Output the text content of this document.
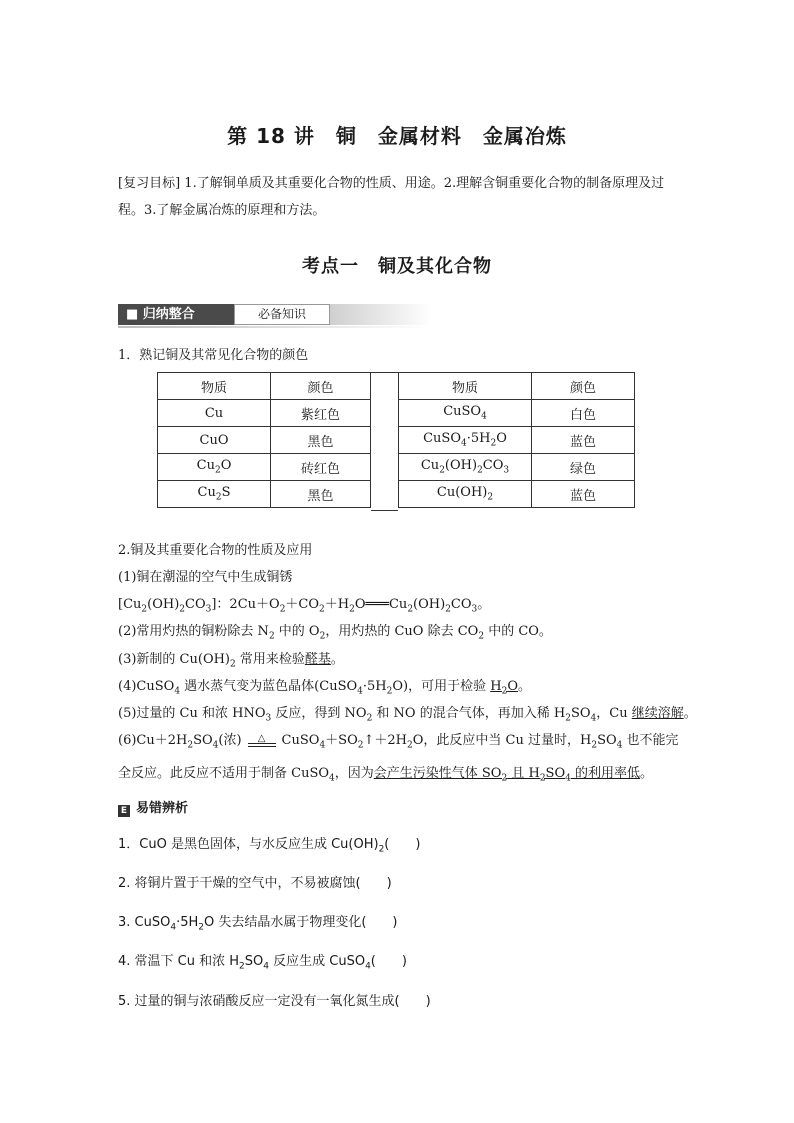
第 18 讲　铜　金属材料　金属冶炼
[复习目标] 1.了解铜单质及其重要化合物的性质、用途。2.理解含铜重要化合物的制备原理及过程。3.了解金属冶炼的原理和方法。
考点一　铜及其化合物
■ 归纳整合	必备知识
1．熟记铜及其常见化合物的颜色
物质	颜色
Cu	紫红色
CuO	黑色
$Cu_2O$	砖红色
$Cu_2S$	黑色
物质	颜色
CuSO$_4$	白色
$CuSO_4\cdot 5H_2O$	蓝色
$Cu_2(OH)_2CO_3$	绿色
$Cu(OH)_2$	蓝色
2.铜及其重要化合物的性质及应用
(1)铜在潮湿的空气中生成铜锈
$[Cu_2(OH)_2CO_3]$：$2Cu+O_2+CO_2+H_2O═══Cu_2(OH)_2CO_3$。
(2)常用灼热的铜粉除去 $N_2$ 中的 $O_2$，用灼热的 CuO 除去 $CO_2$ 中的 CO。
(3)新制的 $Cu(OH)_2$ 常用来检验醛基。
(4)CuSO$_4$ 遇水蒸气变为蓝色晶体$(CuSO_4\cdot 5H_2O)$，可用于检验 $H_2O$。
(5)过量的 Cu 和浓 $HNO_3$ 反应，得到 $NO_2$ 和 NO 的混合气体，再加入稀 $H_2SO_4$，Cu 继续溶解。
$(6)Cu+2H_2SO_4$(浓)	△	$CuSO_4+SO_2↑+2H_2O$，此反应中当 Cu 过量时，$H_2SO_4$ 也不能完
全反应。此反应不适用于制备 CuSO$_4$，因为会产生污染性气体 $SO_2$ 且 $H_2SO_4$ 的利用率低。
E 易错辨析
1．CuO 是黑色固体，与水反应生成 $Cu(OH)_2$(　　)
2. 将铜片置于干燥的空气中，不易被腐蚀(　　)
3. $CuSO_4\cdot 5H_2O$ 失去结晶水属于物理变化(　　)
4. 常温下 Cu 和浓 $H_2SO_4$ 反应生成 CuSO$_4$(　　)
5. 过量的铜与浓硝酸反应一定没有一氧化氮生成(　　)
